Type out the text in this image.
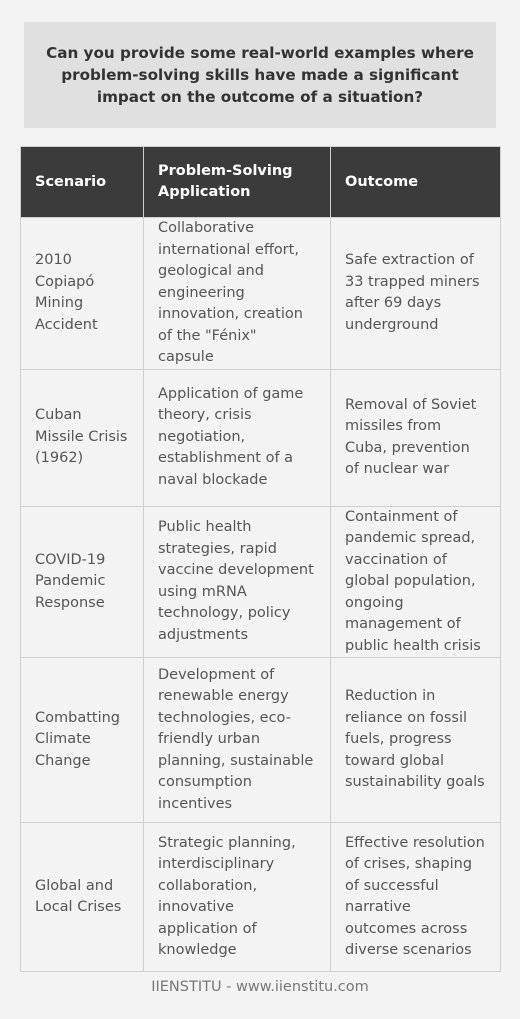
Can you provide some real-world examples where problem-solving skills have made a significant impact on the outcome of a situation?
Scenario	Problem-Solving Application	Outcome
2010 Copiapó Mining Accident	Collaborative international effort, geological and engineering innovation, creation of the "Fénix" capsule	Safe extraction of 33 trapped miners after 69 days underground
Cuban Missile Crisis (1962)	Application of game theory, crisis negotiation, establishment of a naval blockade	Removal of Soviet missiles from Cuba, prevention of nuclear war
COVID-19 Pandemic Response	Public health strategies, rapid vaccine development using mRNA technology, policy adjustments	Containment of pandemic spread, vaccination of global population, ongoing management of public health crisis
Combatting Climate Change	Development of renewable energy technologies, eco-friendly urban planning, sustainable consumption incentives	Reduction in reliance on fossil fuels, progress toward global sustainability goals
Global and Local Crises	Strategic planning, interdisciplinary collaboration, innovative application of knowledge	Effective resolution of crises, shaping of successful narrative outcomes across diverse scenarios
IIENSTITU - www.iienstitu.com
